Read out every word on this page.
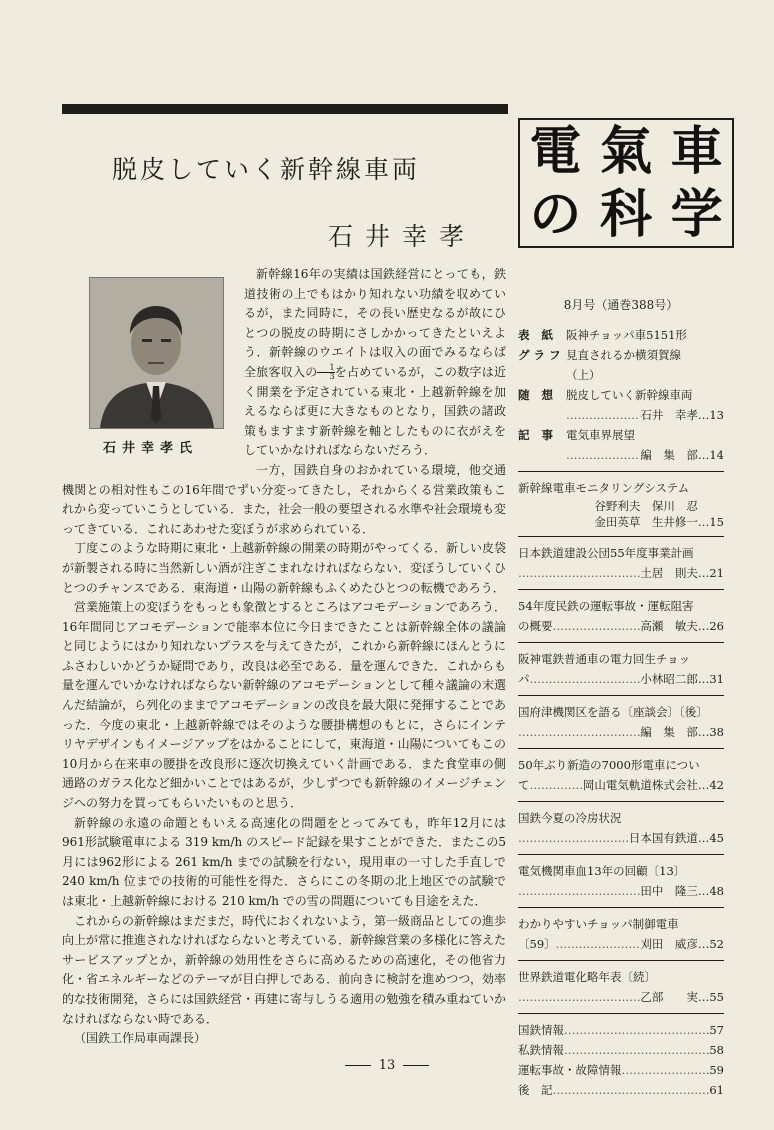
脱皮していく新幹線車両
石井幸孝
電 氣 車
の 科 学
石井幸孝氏

新幹線16年の実績は国鉄経営にとっても，鉄道技術の上でもはかり知れない功績を収めているが，また同時に，その長い歴史なるが故にひとつの脱皮の時期にさしかかってきたといえよう．新幹線のウエイトは収入の面でみるならば全旅客収入の $\frac{1}{3}$ を占めているが，この数字は近く開業を予定されている東北・上越新幹線を加えるならば更に大きなものとなり，国鉄の諸政策もますます新幹線を軸としたものに衣がえをしていかなければならないだろう．

一方，国鉄自身のおかれている環境，他交通機関との相対性もこの16年間でずい分変ってきたし，それからくる営業政策もこれから変っていこうとしている．また，社会一般の要望される水準や社会環境も変ってきている．これにあわせた変ぼうが求められている．

丁度このような時期に東北・上越新幹線の開業の時期がやってくる．新しい皮袋が新製される時に当然新しい酒が注ぎこまれなければならない．変ぼうしていくひとつのチャンスである．東海道・山陽の新幹線もふくめたひとつの転機であろう．

営業施策上の変ぼうをもっとも象徴とするところはアコモデーションであろう．16年間同じアコモデーションで能率本位に今日まできたことは新幹線全体の議論と同じようにはかり知れないプラスを与えてきたが，これから新幹線にほんとうにふさわしいかどうか疑問であり，改良は必至である．量を運んできた．これからも量を運んでいかなければならない新幹線のアコモデーションとして種々議論の末選んだ結論が，ら列化のままでアコモデーションの改良を最大限に発揮することであった．今度の東北・上越新幹線ではそのような腰掛構想のもとに，さらにインテリヤデザインもイメージアップをはかることにして，東海道・山陽についてもこの10月から在来車の腰掛を改良形に逐次切換えていく計画である．また食堂車の側通路のガラス化など細かいことではあるが，少しずつでも新幹線のイメージチェンジへの努力を買ってもらいたいものと思う．

新幹線の永遠の命題ともいえる高速化の問題をとってみても，昨年12月には961形試験電車による 319 km/h のスピード記録を果すことができた．またこの5月には962形による 261 km/h までの試験を行ない，現用車の一寸した手直しで 240 km/h 位までの技術的可能性を得た．さらにこの冬期の北上地区での試験では東北・上越新幹線における 210 km/h での雪の問題についても目途をえた．

これからの新幹線はまだまだ，時代におくれないよう，第一級商品としての進歩向上が常に推進されなければならないと考えている．新幹線営業の多様化に答えたサービスアップとか，新幹線の効用性をさらに高めるための高速化，その他省力化・省エネルギーなどのテーマが目白押しである．前向きに検討を進めつつ，効率的な技術開発，さらには国鉄経営・再建に寄与しうる適用の勉強を積み重ねていかなければならない時である．

（国鉄工作局車両課長）

13
8月号（通巻388号）
表 紙 阪神チョッパ車5151形
グラフ 見直されるか横須賀線
（上）
随 想 脱皮していく新幹線車両
……………………………………………………………………………………
石井　幸孝…13
記 事 電気車界展望
……………………………………………………………………………………
編　集　部…14
新幹線電車モニタリングシステム
谷野利夫　保川　忍
金田英草　生井修一…15
日本鉄道建設公団55年度事業計画
……………………………………………………………………………………
土居　則夫…21
54年度民鉄の運転事故・運転阻害
の概要 ……………………………………………………………………………………	高瀬　敏夫…26
阪神電鉄普通車の電力回生チョッ
パ ……………………………………………………………………………………	小林昭二郎…31
国府津機関区を語る〔座談会〕〔後〕
……………………………………………………………………………………
編　集　部…38
50年ぶり新造の7000形電車につい
て ……………………………………………………………………………………	岡山電気軌道株式会社…42
国鉄今夏の冷房状況
……………………………………………………………………………………
日本国有鉄道…45
電気機関車血13年の回顧〔13〕
……………………………………………………………………………………
田中　隆三…48
わかりやすいチョッパ制御電車
〔59〕 ……………………………………………………………………………………	刈田　威彦…52
世界鉄道電化略年表〔続〕
……………………………………………………………………………………
乙部　　実…55
国鉄情報 ……………………………………………………………………………………	57
私鉄情報 ……………………………………………………………………………………	58
運転事故・故障情報 ……………………………………………………………………………………	59
後　記 ……………………………………………………………………………………	61
